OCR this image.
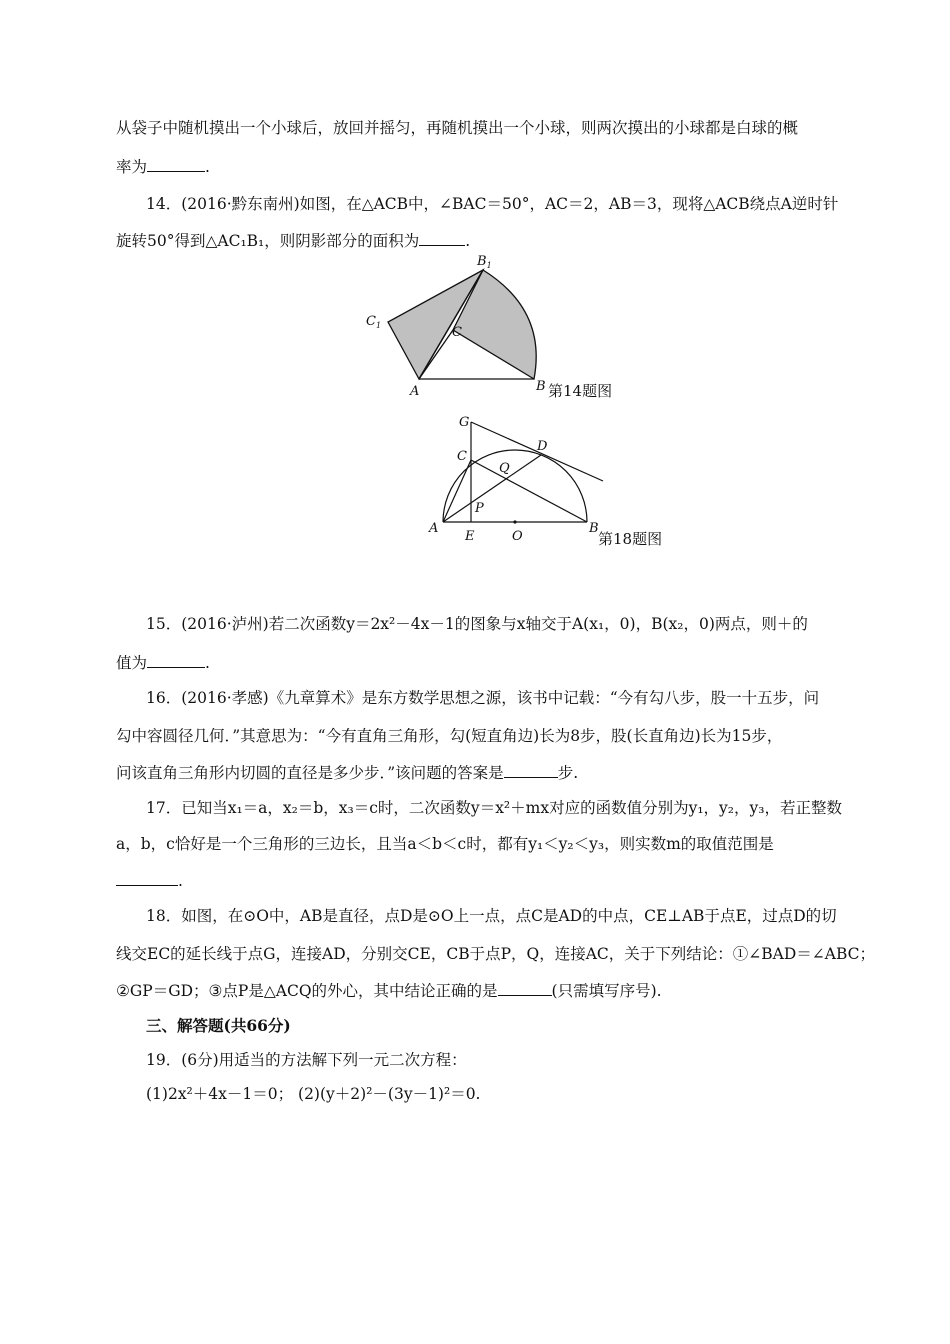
从袋子中随机摸出一个小球后，放回并摇匀，再随机摸出一个小球，则两次摸出的小球都是白球的概
率为	.
14．(2016·黔东南州)如图，在△ACB中，∠BAC＝50°，AC＝2，AB＝3，现将△ACB绕点A逆时针
旋转50°得到△AC₁B₁，则阴影部分的面积为	.
$B_1$
$C_1$	C
A	B 第14题图
G
D
C
Q
P
A
E	O
B
第18题图
15．(2016·泸州)若二次函数y＝2x²－4x－1的图象与x轴交于A(x₁，0)，B(x₂，0)两点，则＋的
值为	.
16．(2016·孝感)《九章算术》是东方数学思想之源，该书中记载：“今有勾八步，股一十五步，问
勾中容圆径几何．”其意思为：“今有直角三角形，勾(短直角边)长为8步，股(长直角边)长为15步，
问该直角三角形内切圆的直径是多少步．”该问题的答案是	步.
17．已知当x₁＝a，x₂＝b，x₃＝c时，二次函数y＝x²＋mx对应的函数值分别为y₁，y₂，y₃，若正整数
a，b，c恰好是一个三角形的三边长，且当a＜b＜c时，都有y₁＜y₂＜y₃，则实数m的取值范围是
.
18．如图，在⊙O中，AB是直径，点D是⊙O上一点，点C是AD的中点，CE⊥AB于点E，过点D的切
线交EC的延长线于点G，连接AD，分别交CE，CB于点P，Q，连接AC，关于下列结论：①∠BAD＝∠ABC；
②GP＝GD；③点P是△ACQ的外心，其中结论正确的是	(只需填写序号).
三、解答题(共66分)
19．(6分)用适当的方法解下列一元二次方程：
(1)2x²＋4x－1＝0； (2)(y＋2)²－(3y－1)²＝0.
